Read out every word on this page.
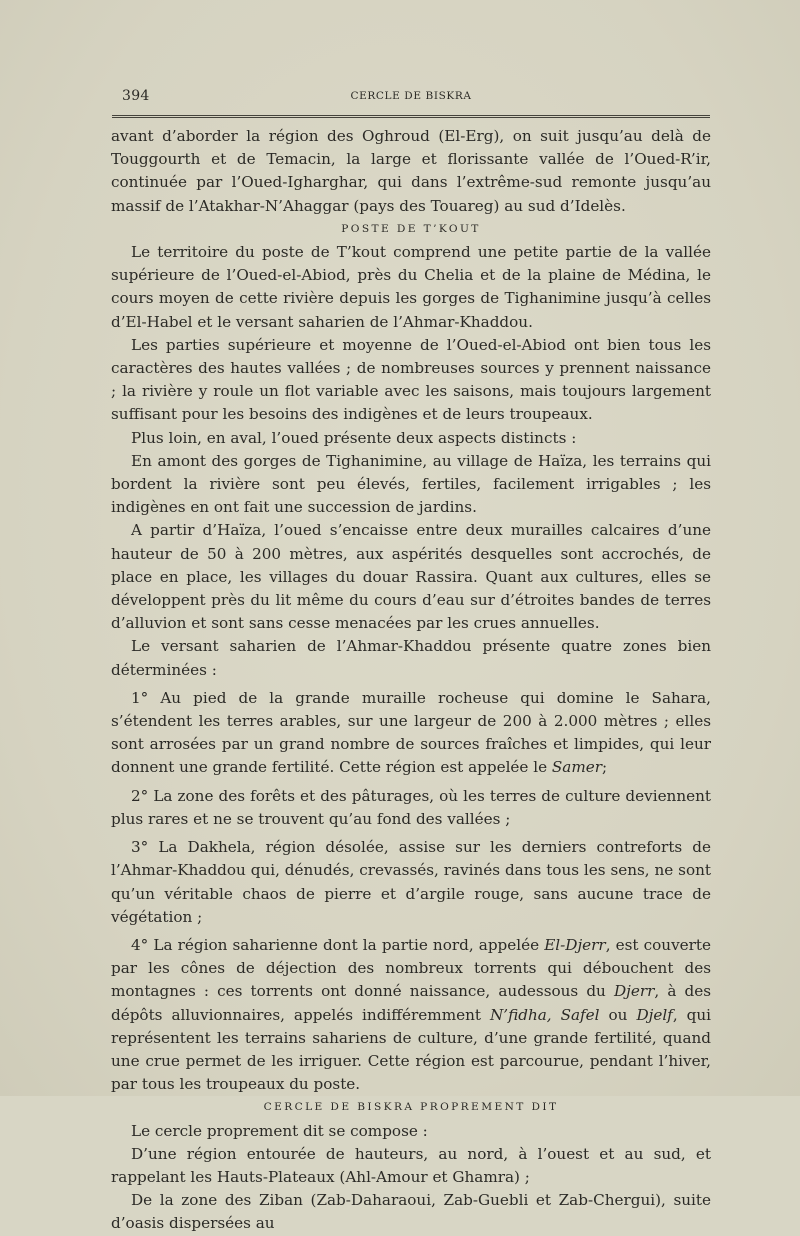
394	CERCLE DE BISKRA

avant d’aborder la région des Oghroud (El-Erg), on suit jusqu’au delà de Touggourth et de Temacin, la large et florissante vallée de l’Oued-R’ir, continuée par l’Oued-Igharghar, qui dans l’extrême-sud remonte jusqu’au massif de l’Atakhar-N’Ahaggar (pays des Touareg) au sud d’Idelès.

POSTE DE T’KOUT

Le territoire du poste de T’kout comprend une petite partie de la vallée supérieure de l’Oued-el-Abiod, près du Chelia et de la plaine de Médina, le cours moyen de cette rivière depuis les gorges de Tighanimine jusqu’à celles d’El-Habel et le versant saharien de l’Ahmar-Khaddou.

Les parties supérieure et moyenne de l’Oued-el-Abiod ont bien tous les caractères des hautes vallées ; de nombreuses sources y prennent naissance ; la rivière y roule un flot variable avec les saisons, mais toujours largement suffisant pour les besoins des indigènes et de leurs troupeaux.

Plus loin, en aval, l’oued présente deux aspects distincts :

En amont des gorges de Tighanimine, au village de Haïza, les terrains qui bordent la rivière sont peu élevés, fertiles, facilement irrigables ; les indigènes en ont fait une succession de jardins.

A partir d’Haïza, l’oued s’encaisse entre deux murailles calcaires d’une hauteur de 50 à 200 mètres, aux aspérités desquelles sont accrochés, de place en place, les villages du douar Rassira. Quant aux cultures, elles se développent près du lit même du cours d’eau sur d’étroites bandes de terres d’alluvion et sont sans cesse menacées par les crues annuelles.

Le versant saharien de l’Ahmar-Khaddou présente quatre zones bien déterminées :

1° Au pied de la grande muraille rocheuse qui domine le Sahara, s’étendent les terres arables, sur une largeur de 200 à 2.000 mètres ; elles sont arrosées par un grand nombre de sources fraîches et limpides, qui leur donnent une grande fertilité. Cette région est appelée le Samer;

2° La zone des forêts et des pâturages, où les terres de culture deviennent plus rares et ne se trouvent qu’au fond des vallées ;

3° La Dakhela, région désolée, assise sur les derniers contreforts de l’Ahmar-Khaddou qui, dénudés, crevassés, ravinés dans tous les sens, ne sont qu’un véritable chaos de pierre et d’argile rouge, sans aucune trace de végétation ;

4° La région saharienne dont la partie nord, appelée El-Djerr, est couverte par les cônes de déjection des nombreux torrents qui débouchent des montagnes : ces torrents ont donné naissance, audessous du Djerr, à des dépôts alluvionnaires, appelés indifféremment N’fidha, Safel ou Djelf, qui représentent les terrains sahariens de culture, d’une grande fertilité, quand une crue permet de les irriguer. Cette région est parcourue, pendant l’hiver, par tous les troupeaux du poste.

CERCLE DE BISKRA PROPREMENT DIT

Le cercle proprement dit se compose :

D’une région entourée de hauteurs, au nord, à l’ouest et au sud, et rappelant les Hauts-Plateaux (Ahl-Amour et Ghamra) ;

De la zone des Ziban (Zab-Daharaoui, Zab-Guebli et Zab-Chergui), suite d’oasis dispersées au
